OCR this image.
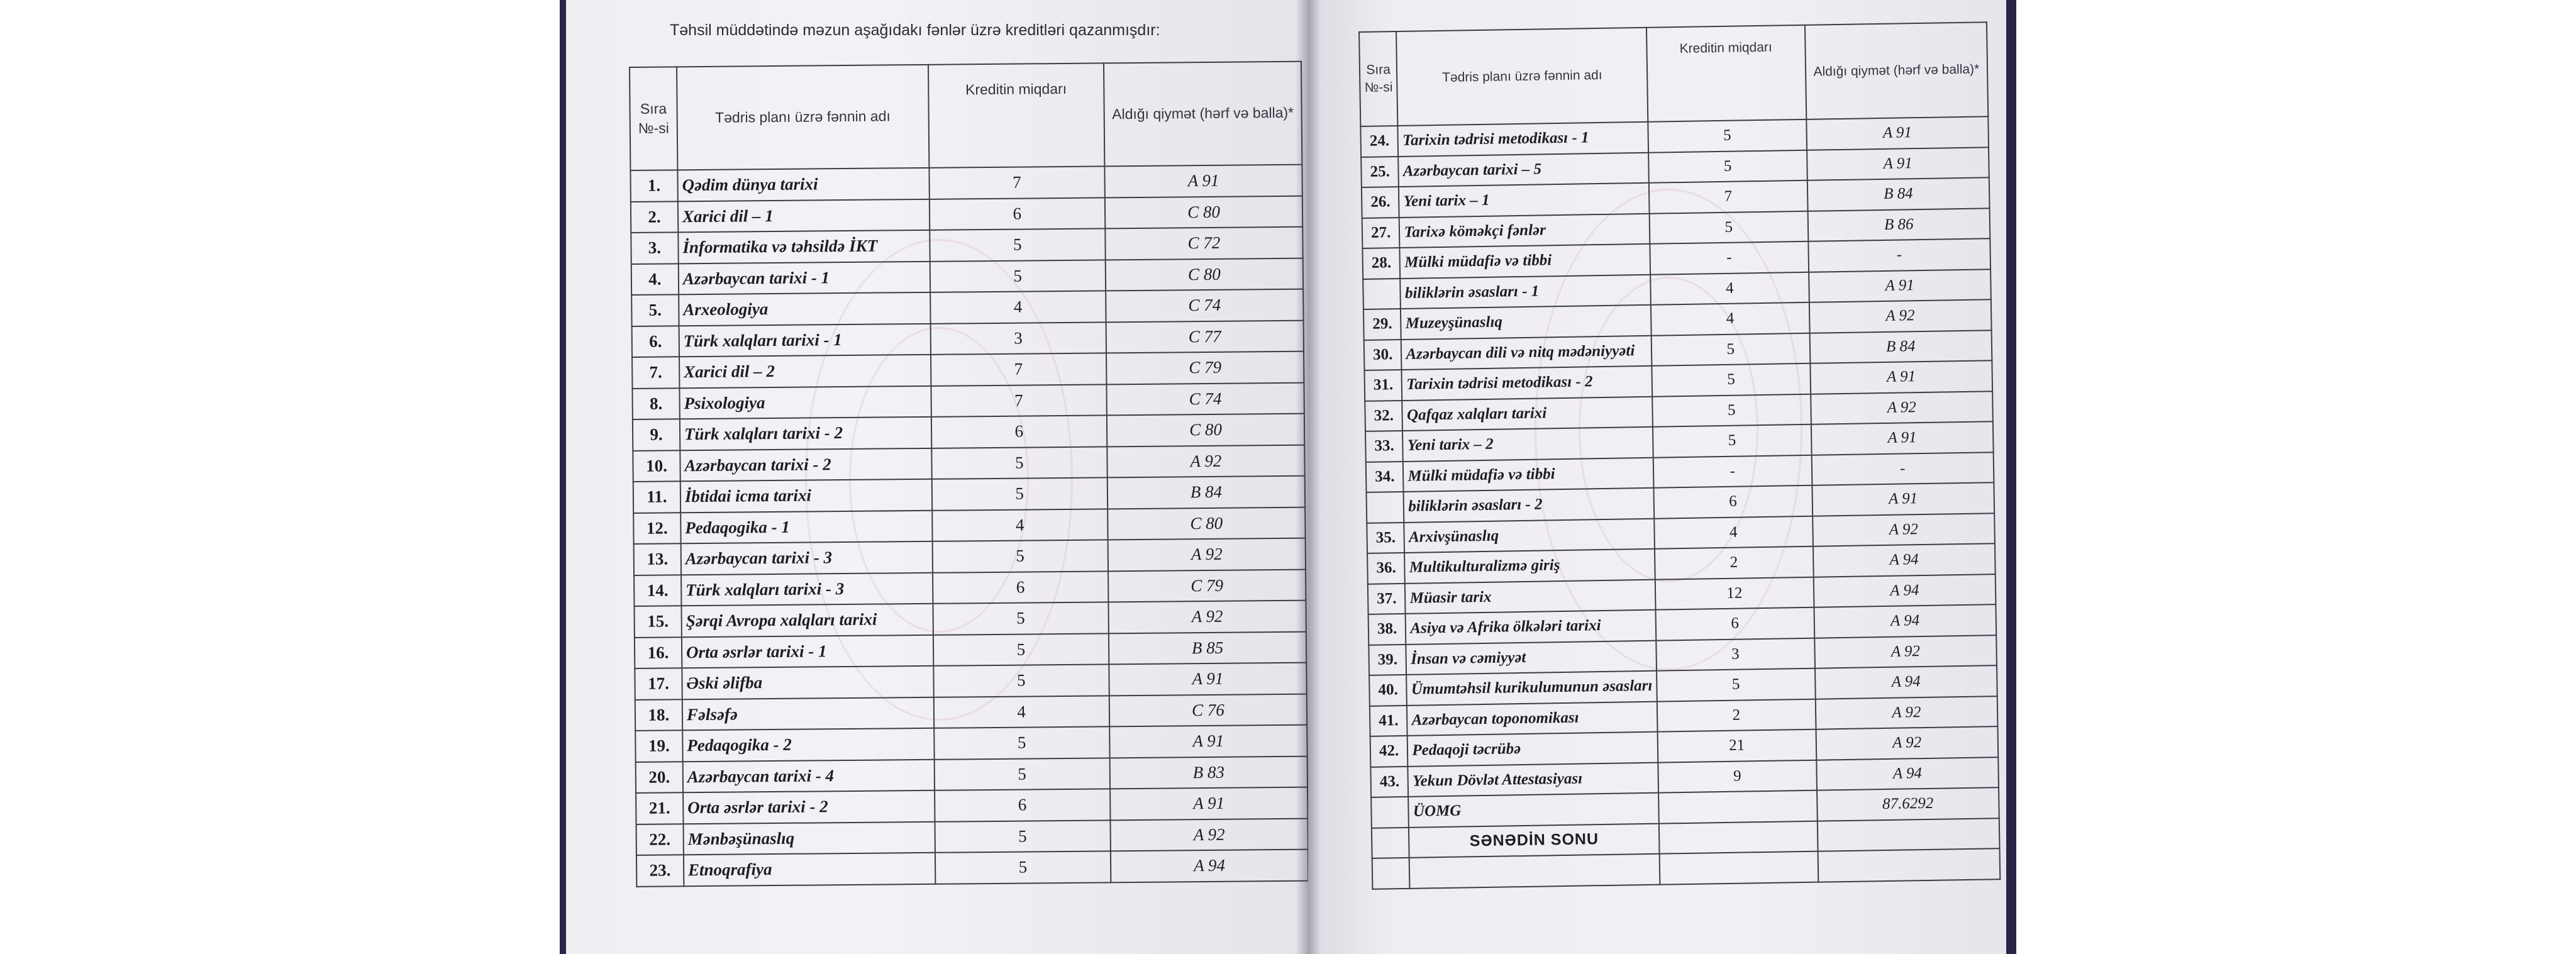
Təhsil müddətində məzun aşağıdakı fənlər üzrə kreditləri qazanmışdır:
Sıra №-si	Tədris planı üzrə fənnin adı	Kreditin miqdarı	Aldığı qiymət (hərf və balla)*
1.	Qədim dünya tarixi	7	A 91
2.	Xarici dil – 1	6	C 80
3.	İnformatika və təhsildə İKT	5	C 72
4.	Azərbaycan tarixi - 1	5	C 80
5.	Arxeologiya	4	C 74
6.	Türk xalqları tarixi - 1	3	C 77
7.	Xarici dil – 2	7	C 79
8.	Psixologiya	7	C 74
9.	Türk xalqları tarixi - 2	6	C 80
10.	Azərbaycan tarixi - 2	5	A 92
11.	İbtidai icma tarixi	5	B 84
12.	Pedaqogika - 1	4	C 80
13.	Azərbaycan tarixi - 3	5	A 92
14.	Türk xalqları tarixi - 3	6	C 79
15.	Şərqi Avropa xalqları tarixi	5	A 92
16.	Orta əsrlər tarixi - 1	5	B 85
17.	Əski əlifba	5	A 91
18.	Fəlsəfə	4	C 76
19.	Pedaqogika - 2	5	A 91
20.	Azərbaycan tarixi - 4	5	B 83
21.	Orta əsrlər tarixi - 2	6	A 91
22.	Mənbəşünaslıq	5	A 92
23.	Etnoqrafiya	5	A 94
Sıra №-si	Tədris planı üzrə fənnin adı	Kreditin miqdarı	Aldığı qiymət (hərf və balla)*
24.	Tarixin tədrisi metodikası - 1	5	A 91
25.	Azərbaycan tarixi – 5	5	A 91
26.	Yeni tarix – 1	7	B 84
27.	Tarixə köməkçi fənlər	5	B 86
28.	Mülki müdafiə və tibbi	-	-
	biliklərin əsasları - 1	4	A 91
29.	Muzeyşünaslıq	4	A 92
30.	Azərbaycan dili və nitq mədəniyyəti	5	B 84
31.	Tarixin tədrisi metodikası - 2	5	A 91
32.	Qafqaz xalqları tarixi	5	A 92
33.	Yeni tarix – 2	5	A 91
34.	Mülki müdafiə və tibbi	-	-
	biliklərin əsasları - 2	6	A 91
35.	Arxivşünaslıq	4	A 92
36.	Multikulturalizmə giriş	2	A 94
37.	Müasir tarix	12	A 94
38.	Asiya və Afrika ölkələri tarixi	6	A 94
39.	İnsan və cəmiyyət	3	A 92
40.	Ümumtəhsil kurikulumunun əsasları	5	A 94
41.	Azərbaycan toponomikası	2	A 92
42.	Pedaqoji təcrübə	21	A 92
43.	Yekun Dövlət Attestasiyası	9	A 94
	ÜOMG		87.6292
	SƏNƏDİN SONU		
